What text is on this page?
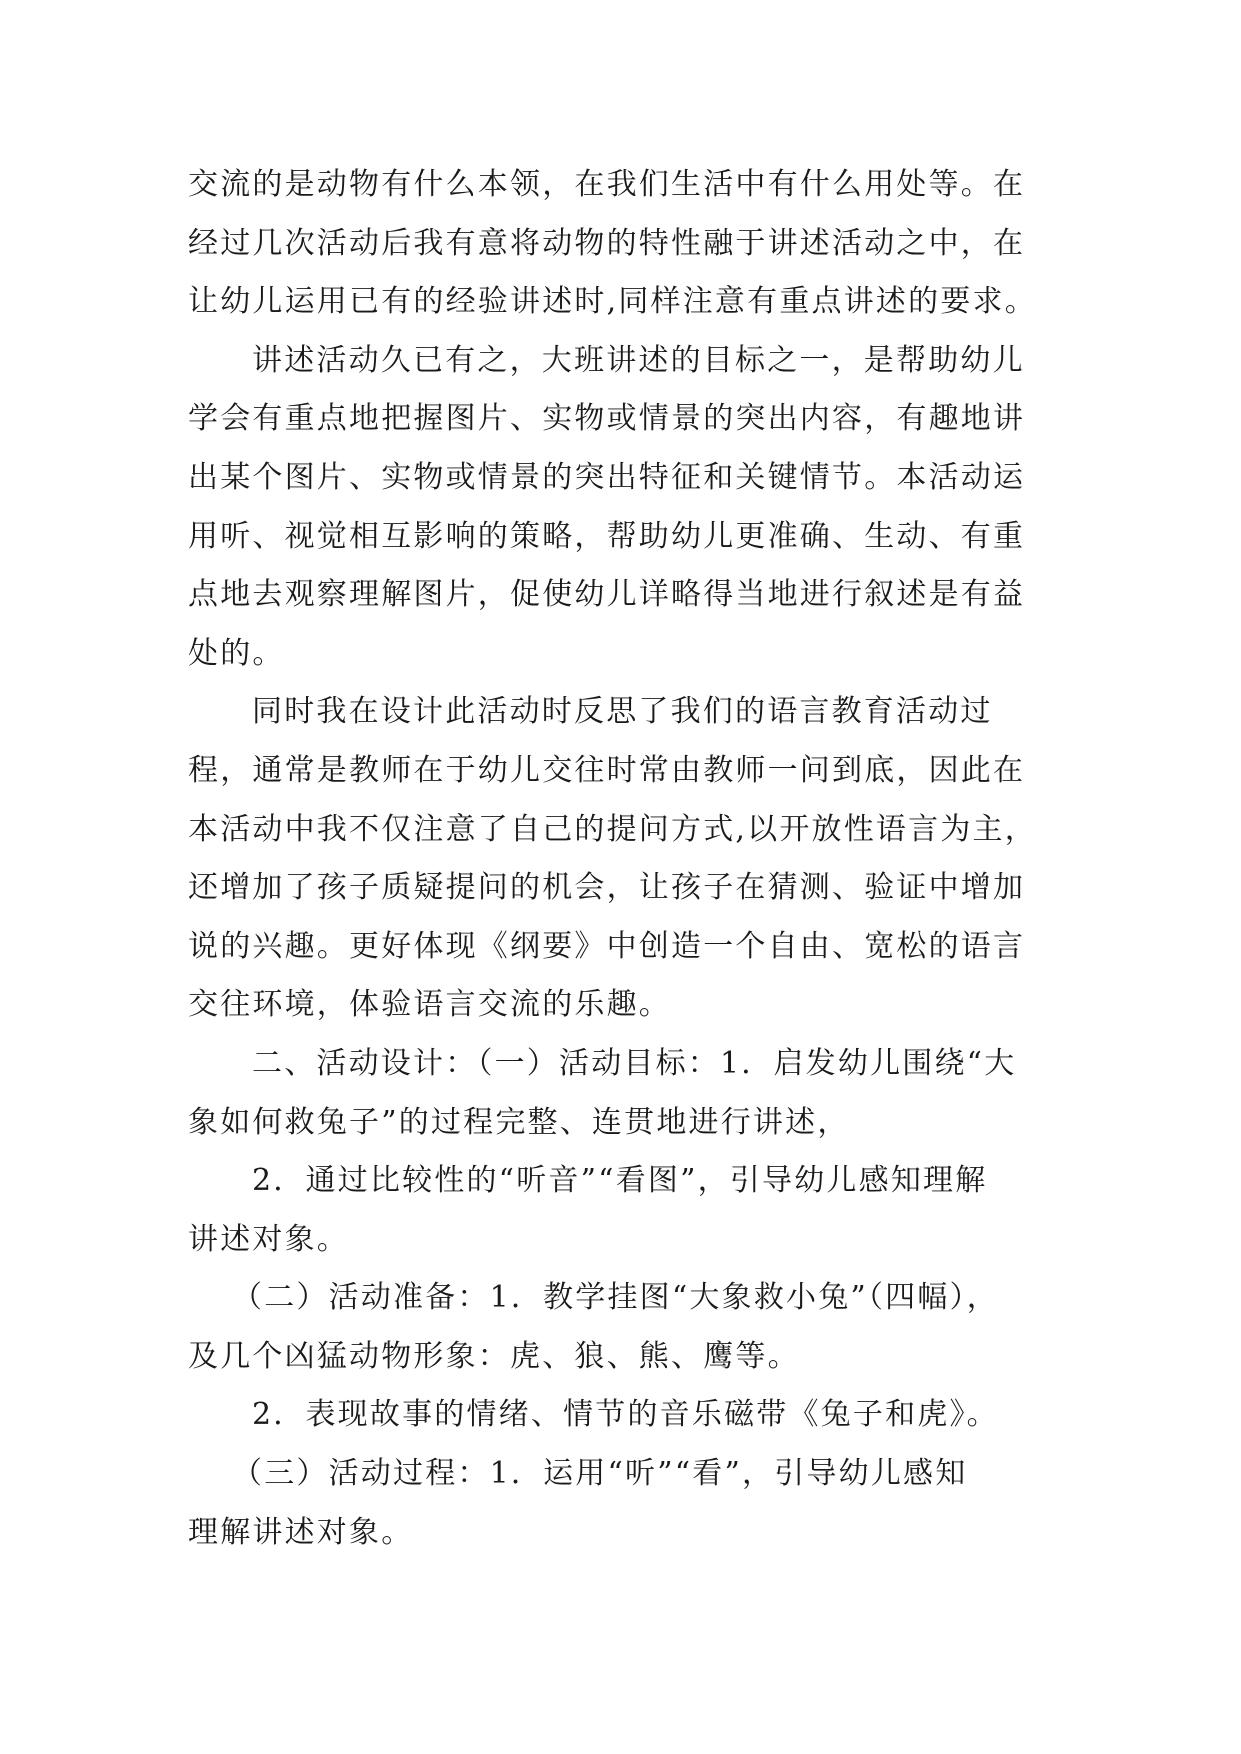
交流的是动物有什么本领，在我们生活中有什么用处等。在
经过几次活动后我有意将动物的特性融于讲述活动之中，在
让幼儿运用已有的经验讲述时,同样注意有重点讲述的要求。
讲述活动久已有之，大班讲述的目标之一，是帮助幼儿
学会有重点地把握图片、实物或情景的突出内容，有趣地讲
出某个图片、实物或情景的突出特征和关键情节。本活动运
用听、视觉相互影响的策略，帮助幼儿更准确、生动、有重
点地去观察理解图片，促使幼儿详略得当地进行叙述是有益
处的。
同时我在设计此活动时反思了我们的语言教育活动过
程，通常是教师在于幼儿交往时常由教师一问到底，因此在
本活动中我不仅注意了自己的提问方式,以开放性语言为主，
还增加了孩子质疑提问的机会，让孩子在猜测、验证中增加
说的兴趣。更好体现《纲要》中创造一个自由、宽松的语言
交往环境，体验语言交流的乐趣。
二、活动设计：（一）活动目标：1．启发幼儿围绕“大
象如何救兔子”的过程完整、连贯地进行讲述，
2．通过比较性的“听音”“看图”，引导幼儿感知理解
讲述对象。
（二）活动准备：1．教学挂图“大象救小兔”（四幅），
及几个凶猛动物形象：虎、狼、熊、鹰等。
2．表现故事的情绪、情节的音乐磁带《兔子和虎》。
（三）活动过程：1．运用“听”“看”，引导幼儿感知
理解讲述对象。
